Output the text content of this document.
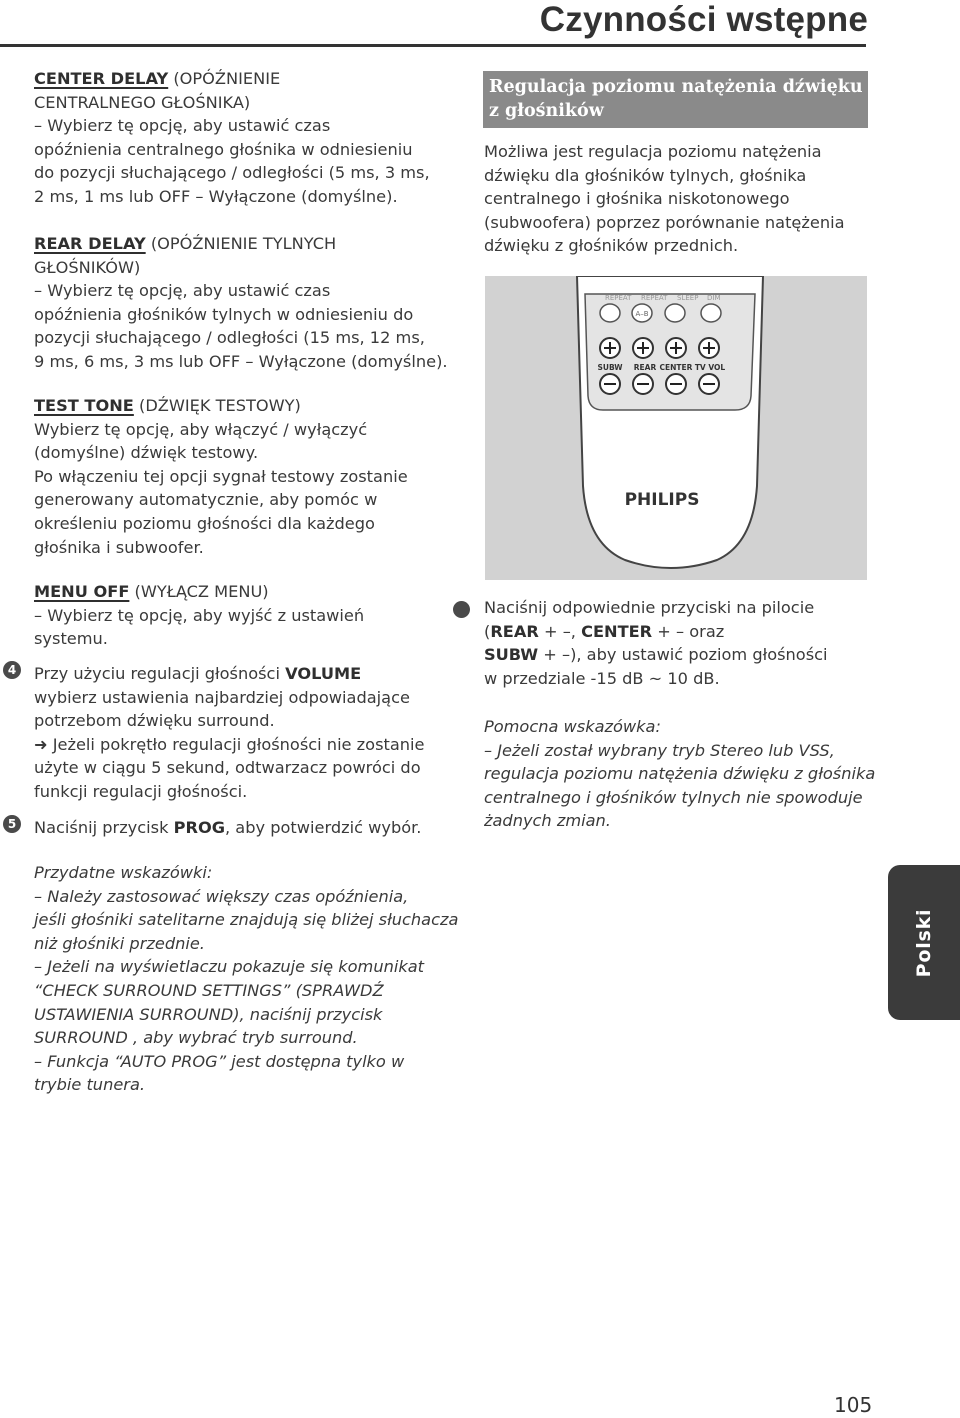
Czynności wstępne

CENTER DELAY (OPÓŹNIENIE

CENTRALNEGO GŁOŚNIKA)

– Wybierz tę opcję, aby ustawić czas

opóźnienia centralnego głośnika w odniesieniu

do pozycji słuchającego / odległości (5 ms, 3 ms,

2 ms, 1 ms lub OFF – Wyłączone (domyślne).

REAR DELAY (OPÓŹNIENIE TYLNYCH

GŁOŚNIKÓW)

– Wybierz tę opcję, aby ustawić czas

opóźnienia głośników tylnych w odniesieniu do

pozycji słuchającego / odległości (15 ms, 12 ms,

9 ms, 6 ms, 3 ms lub OFF – Wyłączone (domyślne).

TEST TONE (DŹWIĘK TESTOWY)

Wybierz tę opcję, aby włączyć / wyłączyć

(domyślne) dźwięk testowy.

Po włączeniu tej opcji sygnał testowy zostanie

generowany automatycznie, aby pomóc w

określeniu poziomu głośności dla każdego

głośnika i subwoofer.

MENU OFF (WYŁĄCZ MENU)

– Wybierz tę opcję, aby wyjść z ustawień

systemu.

4 Przy użyciu regulacji głośności VOLUME

wybierz ustawienia najbardziej odpowiadające

potrzebom dźwięku surround.

➜ Jeżeli pokrętło regulacji głośności nie zostanie

użyte w ciągu 5 sekund, odtwarzacz powróci do

funkcji regulacji głośności.

5 Naciśnij przycisk PROG, aby potwierdzić wybór.

Przydatne wskazówki:

– Należy zastosować większy czas opóźnienia,

jeśli głośniki satelitarne znajdują się bliżej słuchacza

niż głośniki przednie.

– Jeżeli na wyświetlaczu pokazuje się komunikat

“CHECK SURROUND SETTINGS” (SPRAWDŹ

USTAWIENIA SURROUND), naciśnij przycisk

SURROUND , aby wybrać tryb surround.

– Funkcja “AUTO PROG” jest dostępna tylko w

trybie tunera.

Regulacja poziomu natężenia dźwięku
z głośników

Możliwa jest regulacja poziomu natężenia

dźwięku dla głośników tylnych, głośnika

centralnego i głośnika niskotonowego

(subwoofera) poprzez porównanie natężenia

dźwięku z głośników przednich.

REPEAT REPEAT SLEEP DIM
A–B
SUBW REAR CENTER TV VOL
PHILIPS

Naciśnij odpowiednie przyciski na pilocie

(REAR + –, CENTER + – oraz

SUBW + –), aby ustawić poziom głośności

w przedziale -15 dB ~ 10 dB.

Pomocna wskazówka:

– Jeżeli został wybrany tryb Stereo lub VSS,

regulacja poziomu natężenia dźwięku z głośnika

centralnego i głośników tylnych nie spowoduje

żadnych zmian.

Polski
105
